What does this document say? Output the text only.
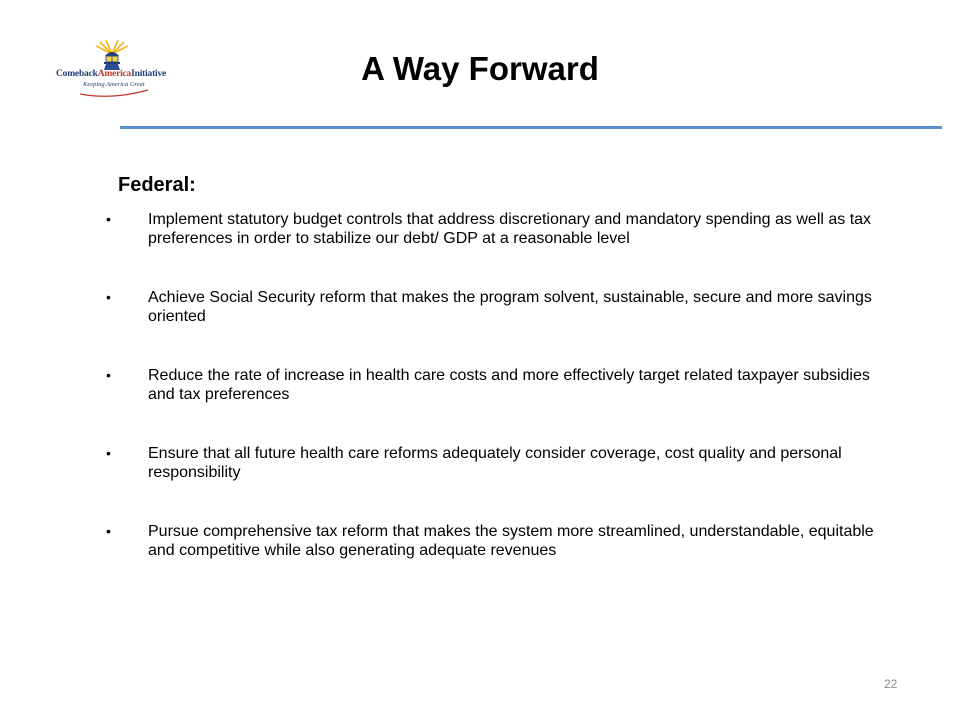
ComebackAmericaInitiative
Keeping America Great	A Way Forward
Federal:
• Implement statutory budget controls that address discretionary and mandatory spending as well as tax preferences in order to stabilize our debt/ GDP at a reasonable level
• Achieve Social Security reform that makes the program solvent, sustainable, secure and more savings oriented
• Reduce the rate of increase in health care costs and more effectively target related taxpayer subsidies and tax preferences
• Ensure that all future health care reforms adequately consider coverage, cost quality and personal responsibility
• Pursue comprehensive tax reform that makes the system more streamlined, understandable, equitable and competitive while also generating adequate revenues
22
